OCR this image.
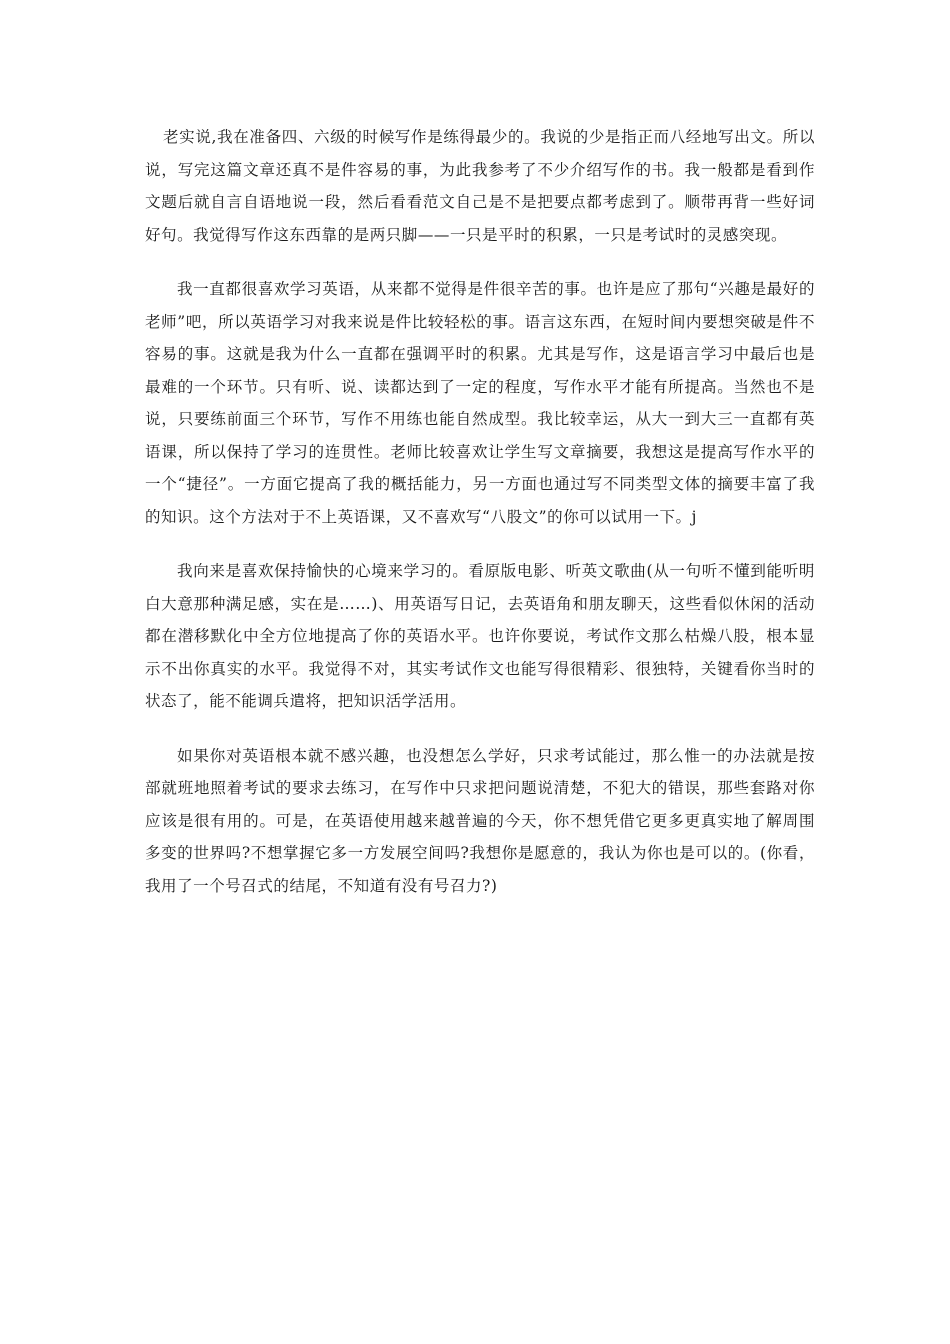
老实说,我在准备四、六级的时候写作是练得最少的。我说的少是指正而八经地写出文。所以说，写完这篇文章还真不是件容易的事，为此我参考了不少介绍写作的书。我一般都是看到作文题后就自言自语地说一段，然后看看范文自己是不是把要点都考虑到了。顺带再背一些好词好句。我觉得写作这东西靠的是两只脚——一只是平时的积累，一只是考试时的灵感突现。

我一直都很喜欢学习英语，从来都不觉得是件很辛苦的事。也许是应了那句“兴趣是最好的老师”吧，所以英语学习对我来说是件比较轻松的事。语言这东西，在短时间内要想突破是件不容易的事。这就是我为什么一直都在强调平时的积累。尤其是写作，这是语言学习中最后也是最难的一个环节。只有听、说、读都达到了一定的程度，写作水平才能有所提高。当然也不是说，只要练前面三个环节，写作不用练也能自然成型。我比较幸运，从大一到大三一直都有英语课，所以保持了学习的连贯性。老师比较喜欢让学生写文章摘要，我想这是提高写作水平的一个“捷径”。一方面它提高了我的概括能力，另一方面也通过写不同类型文体的摘要丰富了我的知识。这个方法对于不上英语课，又不喜欢写“八股文”的你可以试用一下。j

我向来是喜欢保持愉快的心境来学习的。看原版电影、听英文歌曲(从一句听不懂到能听明白大意那种满足感，实在是……)、用英语写日记，去英语角和朋友聊天，这些看似休闲的活动都在潜移默化中全方位地提高了你的英语水平。也许你要说，考试作文那么枯燥八股，根本显示不出你真实的水平。我觉得不对，其实考试作文也能写得很精彩、很独特，关键看你当时的状态了，能不能调兵遣将，把知识活学活用。

如果你对英语根本就不感兴趣，也没想怎么学好，只求考试能过，那么惟一的办法就是按部就班地照着考试的要求去练习，在写作中只求把问题说清楚，不犯大的错误，那些套路对你应该是很有用的。可是，在英语使用越来越普遍的今天，你不想凭借它更多更真实地了解周围多变的世界吗?不想掌握它多一方发展空间吗?我想你是愿意的，我认为你也是可以的。(你看，我用了一个号召式的结尾，不知道有没有号召力?)
